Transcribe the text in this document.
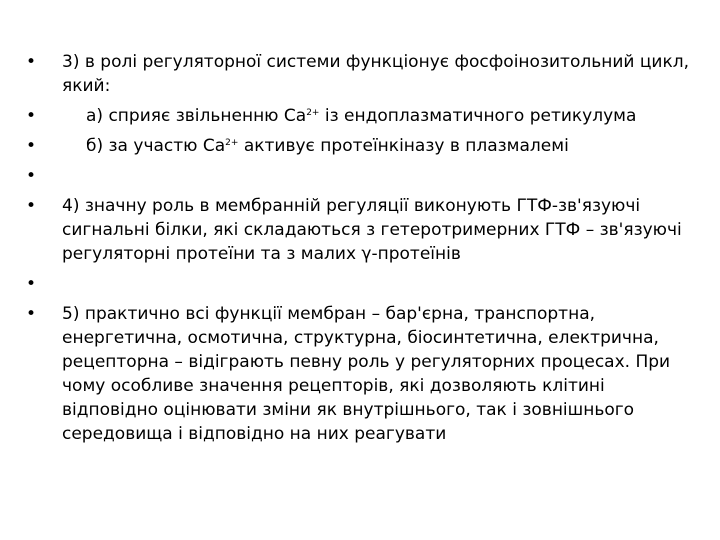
• 3) в ролі регуляторної системи функціонує фосфоінозитольний цикл, який:
•	а) сприяє звільненню $Ca^{2+}$ із ендоплазматичного ретикулума
•	б) за участю $Ca^{2+}$ активує протеїнкіназу в плазмалемі
•
• 4) значну роль в мембранній регуляції виконують ГТФ-зв'язуючі сигнальні білки, які складаються з гетеротримерних ГТФ – зв'язуючі регуляторні протеїни та з малих γ-протеїнів
•
• 5) практично всі функції мембран – бар'єрна, транспортна, енергетична, осмотична, структурна, біосинтетична, електрична, рецепторна – відіграють певну роль у регуляторних процесах. При чому особливе значення рецепторів, які дозволяють клітині відповідно оцінювати зміни як внутрішнього, так і зовнішнього середовища і відповідно на них реагувати
